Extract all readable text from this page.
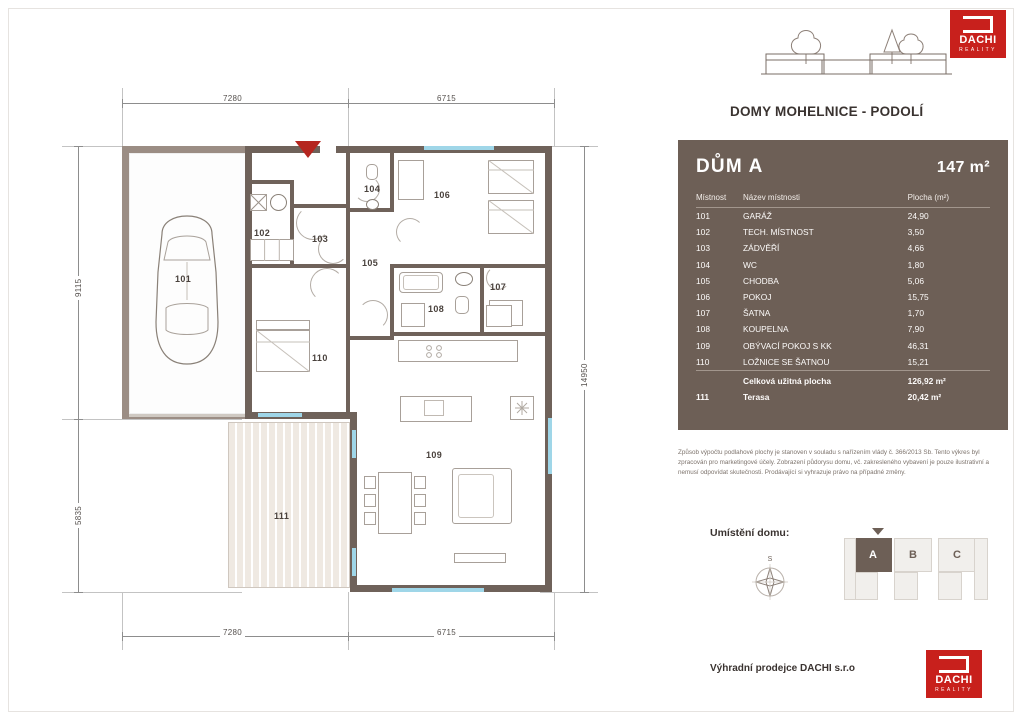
7280	6715
7280	6715
9115
5835
14950
101
102
103
104
105
106
107
108
109
110
111
DACHI
REALITY
DOMY MOHELNICE - PODOLÍ
DŮM A	147 m²
Místnost	Název místnosti	Plocha (m²)
101	GARÁŽ	24,90
102	TECH. MÍSTNOST	3,50
103	ZÁDVĚŘÍ	4,66
104	WC	1,80
105	CHODBA	5,06
106	POKOJ	15,75
107	ŠATNA	1,70
108	KOUPELNA	7,90
109	OBÝVACÍ POKOJ S KK	46,31
110	LOŽNICE SE ŠATNOU	15,21
	Celková užitná plocha	126,92 m²
111	Terasa	20,42 m²
Způsob výpočtu podlahové plochy je stanoven v souladu s nařízením vlády č. 366/2013 Sb. Tento výkres byl zpracován pro marketingové účely. Zobrazení půdorysu domu, vč. zakresleného vybavení je pouze ilustrativní a nemusí odpovídat skutečnosti. Prodávající si vyhrazuje právo na případné změny.
Umístění domu:
S	A	B	C
Výhradní prodejce DACHI s.r.o
DACHI
REALITY
